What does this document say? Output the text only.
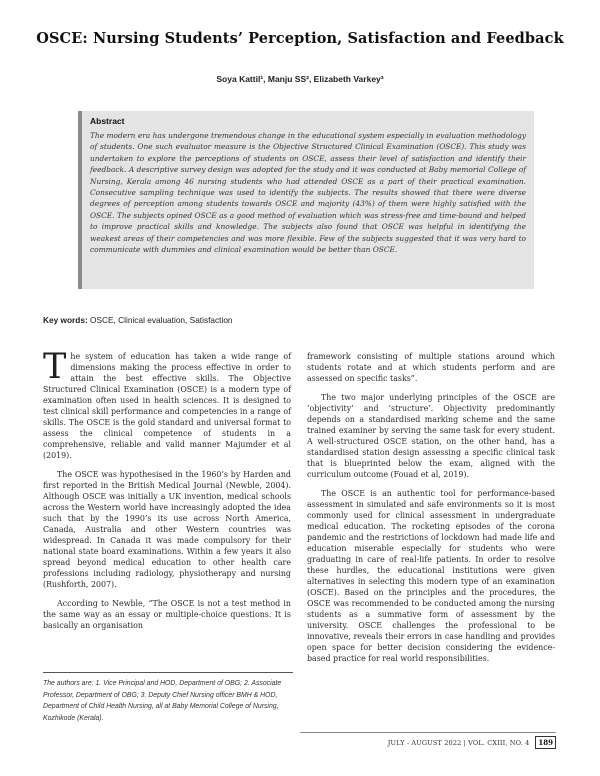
OSCE: Nursing Students’ Perception, Satisfaction and Feedback
Soya Kattil¹, Manju SS², Elizabeth Varkey³

Abstract

The modern era has undergone tremendous change in the educational system especially in evaluation methodology of students. One such evaluator measure is the Objective Structured Clinical Examination (OSCE). This study was undertaken to explore the perceptions of students on OSCE, assess their level of satisfaction and identify their feedback. A descriptive survey design was adopted for the study and it was conducted at Baby memorial College of Nursing, Kerala among 46 nursing students who had attended OSCE as a part of their practical examination. Consecutive sampling technique was used to identify the subjects. The results showed that there were diverse degrees of perception among students towards OSCE and majority (43%) of them were highly satisfied with the OSCE. The subjects opined OSCE as a good method of evaluation which was stress-free and time-bound and helped to improve practical skills and knowledge. The subjects also found that OSCE was helpful in identifying the weakest areas of their competencies and was more flexible. Few of the subjects suggested that it was very hard to communicate with dummies and clinical examination would be better than OSCE.

Key words: OSCE, Clinical evaluation, Satisfaction

The system of education has taken a wide range of dimensions making the process effective in order to attain the best effective skills. The Objective Structured Clinical Examination (OSCE) is a modern type of examination often used in health sciences. It is designed to test clinical skill performance and competencies in a range of skills. The OSCE is the gold standard and universal format to assess the clinical competence of students in a comprehensive, reliable and valid manner Majumder et al (2019).

The OSCE was hypothesised in the 1960’s by Harden and first reported in the British Medical Journal (Newble, 2004). Although OSCE was initially a UK invention, medical schools across the Western world have increasingly adopted the idea such that by the 1990’s its use across North America, Canada, Australia and other Western countries was widespread. In Canada it was made compulsory for their national state board examinations. Within a few years it also spread beyond medical education to other health care professions including radiology, physiotherapy and nursing (Rushforth, 2007).

According to Newble, “The OSCE is not a test method in the same way as an essay or multiple-choice questions. It is basically an organisation

framework consisting of multiple stations around which students rotate and at which students perform and are assessed on specific tasks”.

The two major underlying principles of the OSCE are ‘objectivity’ and ‘structure’. Objectivity predominantly depends on a standardised marking scheme and the same trained examiner by serving the same task for every student. A well-structured OSCE station, on the other hand, has a standardised station design assessing a specific clinical task that is blueprinted below the exam, aligned with the curriculum outcome (Fouad et al, 2019).

The OSCE is an authentic tool for performance-based assessment in simulated and safe environments so it is most commonly used for clinical assessment in undergraduate medical education. The rocketing episodes of the corona pandemic and the restrictions of lockdown had made life and education miserable especially for students who were graduating in care of real-life patients. In order to resolve these hurdles, the educational institutions were given alternatives in selecting this modern type of an examination (OSCE). Based on the principles and the procedures, the OSCE was recommended to be conducted among the nursing students as a summative form of assessment by the university. OSCE challenges the professional to be innovative, reveals their errors in case handling and provides open space for better decision considering the evidence-based practice for real world responsibilities.

The authors are: 1. Vice Principal and HOD, Department of OBG; 2. Associate Professor, Department of OBG; 3. Deputy Chief Nursing officer BMH & HOD, Department of Child Health Nursing, all at Baby Memorial College of Nursing, Kozhikode (Kerala).
JULY - AUGUST 2022 | VOL. CXIII, NO. 4	189
